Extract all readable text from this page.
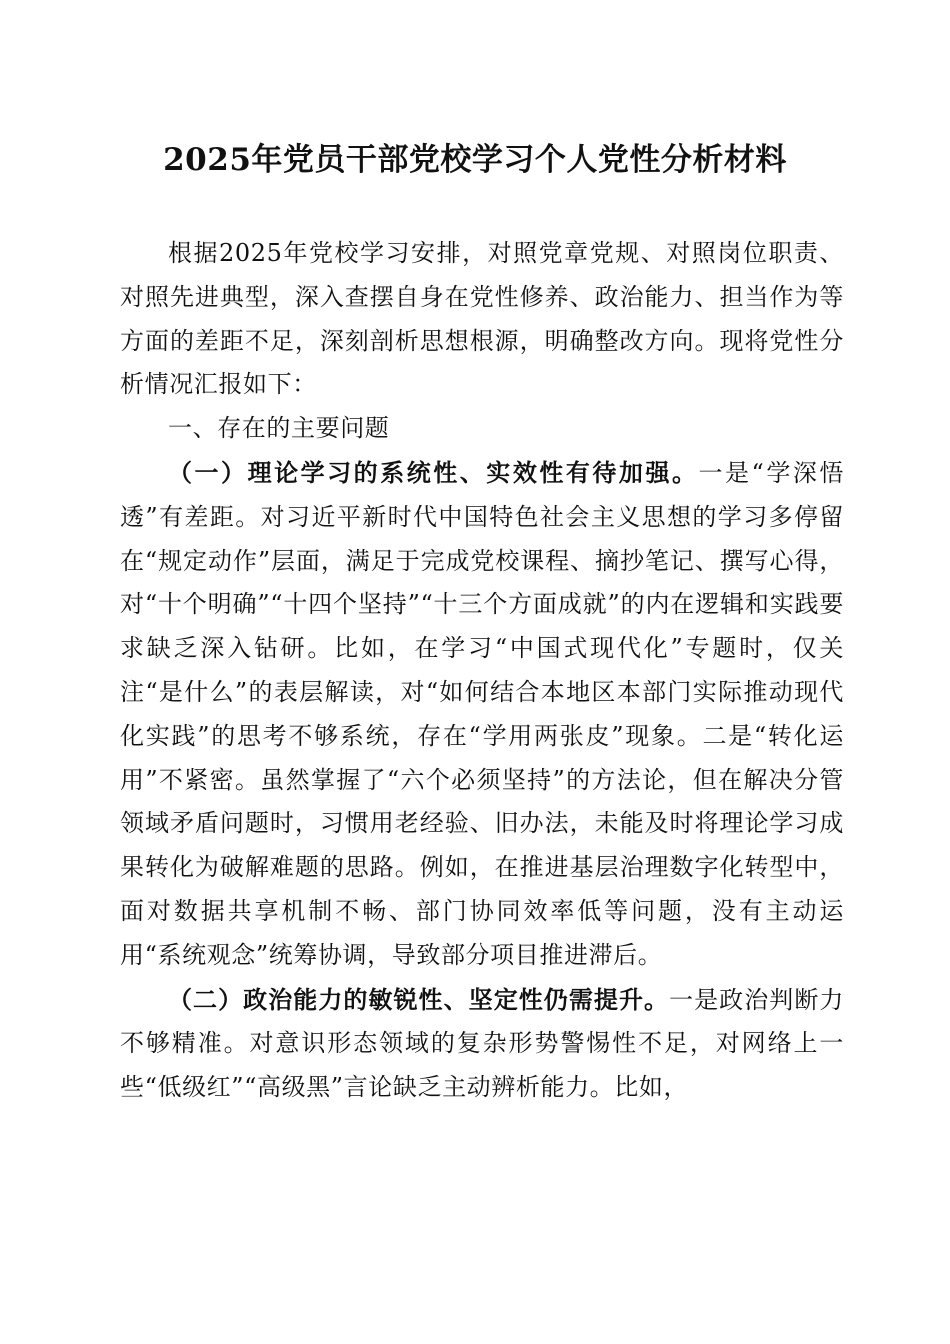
2025年党员干部党校学习个人党性分析材料

根据2025年党校学习安排，对照党章党规、对照岗位职责、对照先进典型，深入查摆自身在党性修养、政治能力、担当作为等方面的差距不足，深刻剖析思想根源，明确整改方向。现将党性分析情况汇报如下：

一、存在的主要问题

（一）理论学习的系统性、实效性有待加强。一是“学深悟透”有差距。对习近平新时代中国特色社会主义思想的学习多停留在“规定动作”层面，满足于完成党校课程、摘抄笔记、撰写心得，对“十个明确”“十四个坚持”“十三个方面成就”的内在逻辑和实践要求缺乏深入钻研。比如，在学习“中国式现代化”专题时，仅关注“是什么”的表层解读，对“如何结合本地区本部门实际推动现代化实践”的思考不够系统，存在“学用两张皮”现象。二是“转化运用”不紧密。虽然掌握了“六个必须坚持”的方法论，但在解决分管领域矛盾问题时，习惯用老经验、旧办法，未能及时将理论学习成果转化为破解难题的思路。例如，在推进基层治理数字化转型中，面对数据共享机制不畅、部门协同效率低等问题，没有主动运用“系统观念”统筹协调，导致部分项目推进滞后。

（二）政治能力的敏锐性、坚定性仍需提升。一是政治判断力不够精准。对意识形态领域的复杂形势警惕性不足，对网络上一些“低级红”“高级黑”言论缺乏主动辨析能力。比如，
